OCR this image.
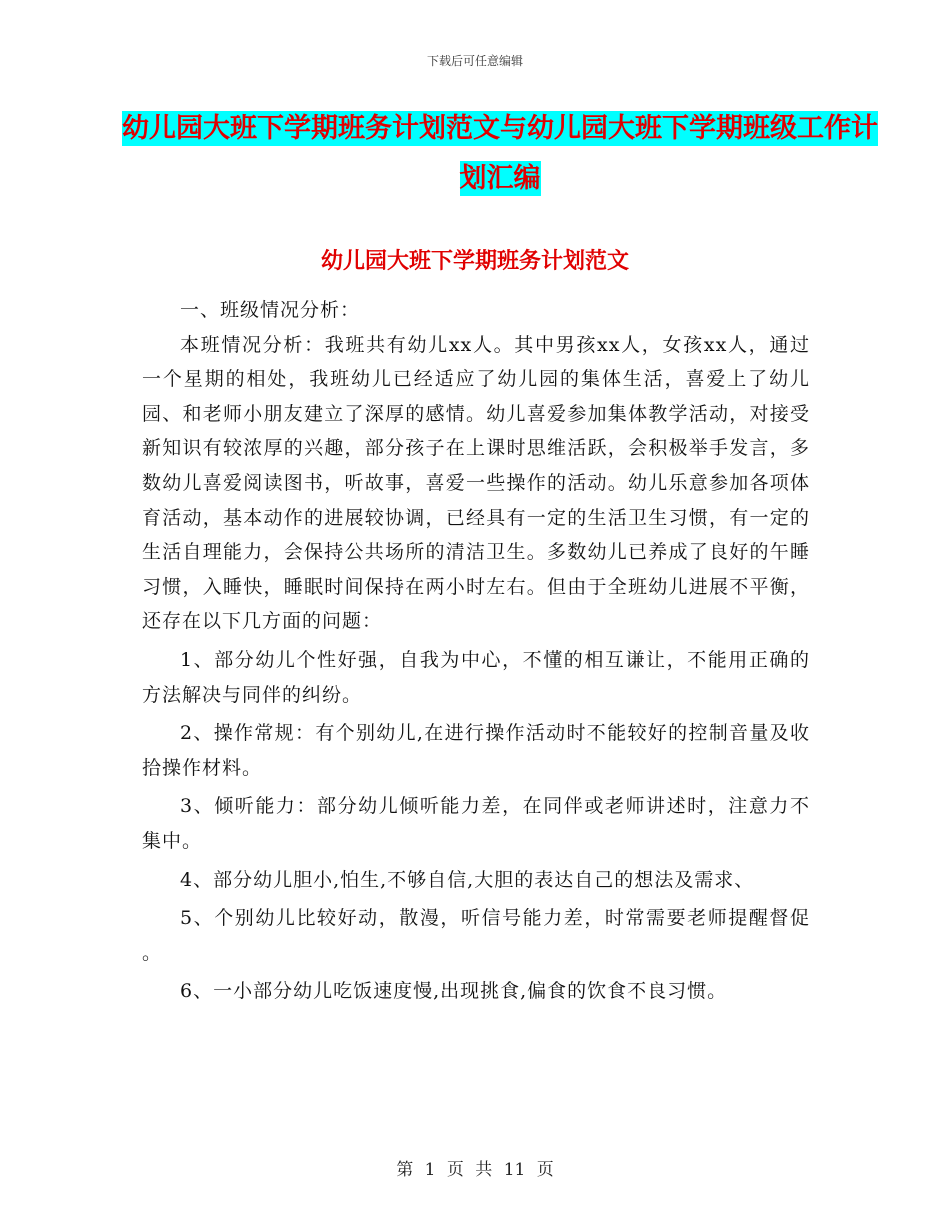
下载后可任意编辑
幼儿园大班下学期班务计划范文与幼儿园大班下学期班级工作计划汇编
幼儿园大班下学期班务计划范文

一、班级情况分析：

本班情况分析：我班共有幼儿xx人。其中男孩xx人，女孩xx人，通过一个星期的相处，我班幼儿已经适应了幼儿园的集体生活，喜爱上了幼儿园、和老师小朋友建立了深厚的感情。幼儿喜爱参加集体教学活动，对接受新知识有较浓厚的兴趣，部分孩子在上课时思维活跃，会积极举手发言，多数幼儿喜爱阅读图书，听故事，喜爱一些操作的活动。幼儿乐意参加各项体育活动，基本动作的进展较协调，已经具有一定的生活卫生习惯，有一定的生活自理能力，会保持公共场所的清洁卫生。多数幼儿已养成了良好的午睡习惯，入睡快，睡眠时间保持在两小时左右。但由于全班幼儿进展不平衡，还存在以下几方面的问题：

1、部分幼儿个性好强，自我为中心，不懂的相互谦让，不能用正确的方法解决与同伴的纠纷。

2、操作常规：有个别幼儿,在进行操作活动时不能较好的控制音量及收拾操作材料。

3、倾听能力：部分幼儿倾听能力差，在同伴或老师讲述时，注意力不集中。

4、部分幼儿胆小,怕生,不够自信,大胆的表达自己的想法及需求、

5、个别幼儿比较好动，散漫，听信号能力差，时常需要老师提醒督促 。

6、一小部分幼儿吃饭速度慢,出现挑食,偏食的饮食不良习惯。

第 1 页 共 11 页
